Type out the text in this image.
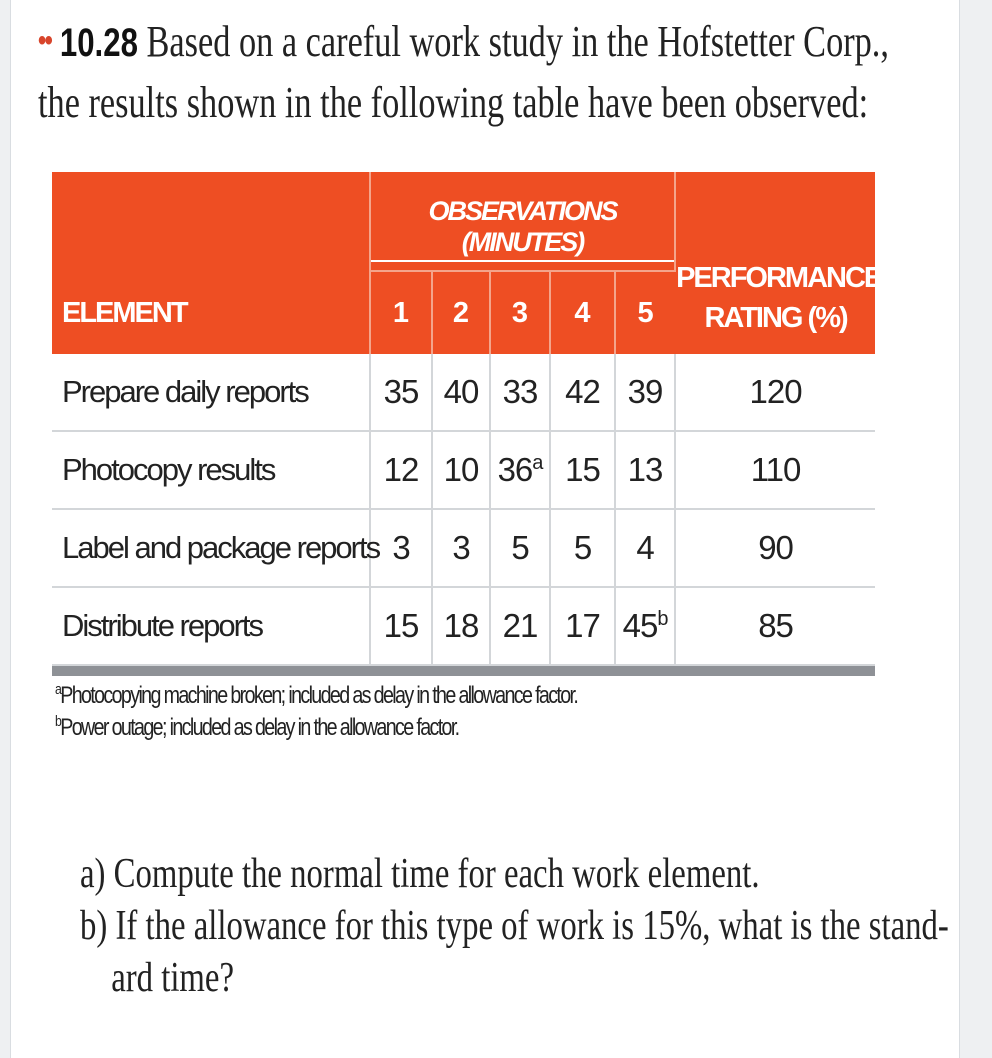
•• 10.28 Based on a careful work study in the Hofstetter Corp.,
the results shown in the following table have been observed:
ELEMENT	OBSERVATIONS (MINUTES)					PERFORMANCE
RATING (%)

	1	2	3	4	5	
Prepare daily reports	35	40	33	42	39	120
Photocopy results	12	10	36$^a$	15	13	110
Label and package reports	3	3	5	5	4	90
Distribute reports	15	18	21	17	45$^b$	85

$^a$Photocopying machine broken; included as delay in the allowance factor.
$^b$Power outage; included as delay in the allowance factor.
a) Compute the normal time for each work element.
b) If the allowance for this type of work is 15%, what is the stand-
ard time?
